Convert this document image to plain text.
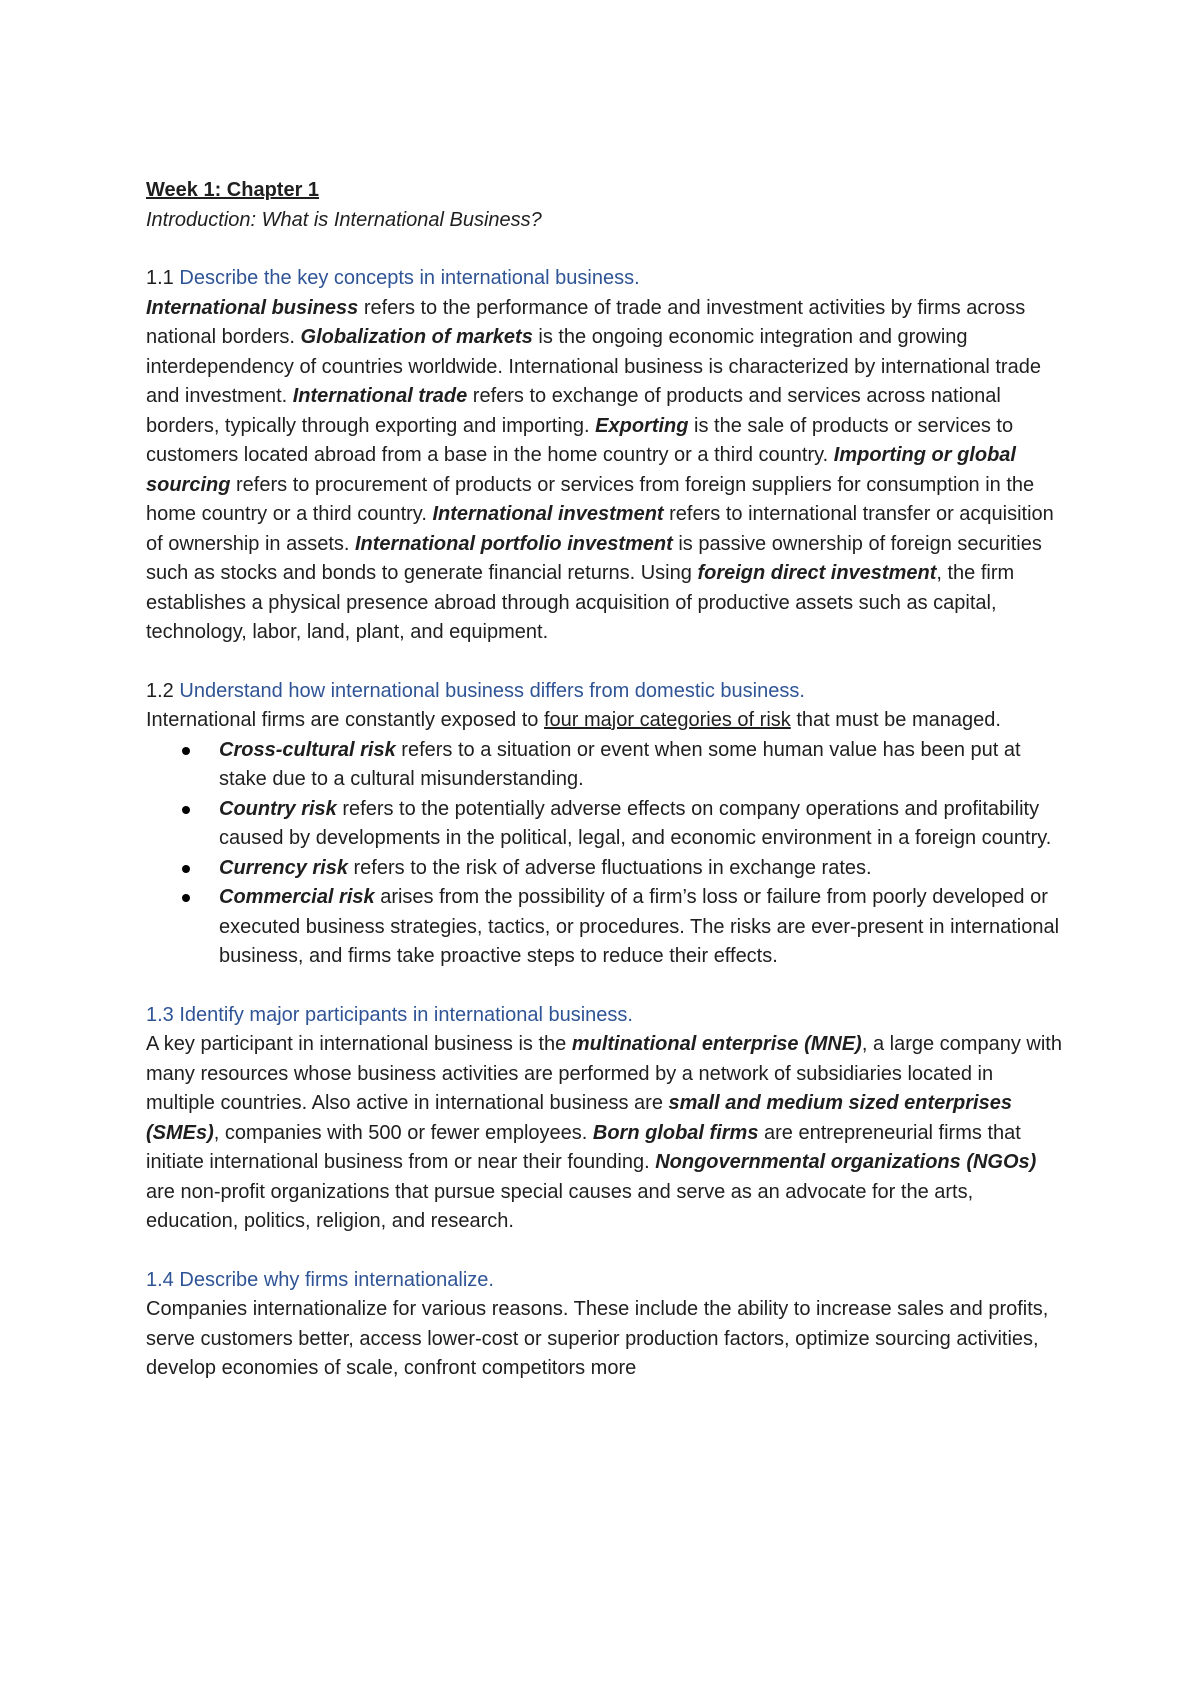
Week 1: Chapter 1

Introduction: What is International Business?

1.1 Describe the key concepts in international business.

International business refers to the performance of trade and investment activities by firms across national borders. Globalization of markets is the ongoing economic integration and growing interdependency of countries worldwide. International business is characterized by international trade and investment. International trade refers to exchange of products and services across national borders, typically through exporting and importing. Exporting is the sale of products or services to customers located abroad from a base in the home country or a third country. Importing or global sourcing refers to procurement of products or services from foreign suppliers for consumption in the home country or a third country. International investment refers to international transfer or acquisition of ownership in assets. International portfolio investment is passive ownership of foreign securities such as stocks and bonds to generate financial returns. Using foreign direct investment, the firm establishes a physical presence abroad through acquisition of productive assets such as capital, technology, labor, land, plant, and equipment.

1.2 Understand how international business differs from domestic business.

International firms are constantly exposed to four major categories of risk that must be managed.

Cross-cultural risk refers to a situation or event when some human value has been put at stake due to a cultural misunderstanding.
Country risk refers to the potentially adverse effects on company operations and profitability caused by developments in the political, legal, and economic environment in a foreign country.
Currency risk refers to the risk of adverse fluctuations in exchange rates.
Commercial risk arises from the possibility of a firm’s loss or failure from poorly developed or executed business strategies, tactics, or procedures. The risks are ever-present in international business, and firms take proactive steps to reduce their effects.

1.3 Identify major participants in international business.

A key participant in international business is the multinational enterprise (MNE), a large company with many resources whose business activities are performed by a network of subsidiaries located in multiple countries. Also active in international business are small and medium sized enterprises (SMEs), companies with 500 or fewer employees. Born global firms are entrepreneurial firms that initiate international business from or near their founding. Nongovernmental organizations (NGOs) are non-profit organizations that pursue special causes and serve as an advocate for the arts, education, politics, religion, and research.

1.4 Describe why firms internationalize.

Companies internationalize for various reasons. These include the ability to increase sales and profits, serve customers better, access lower-cost or superior production factors, optimize sourcing activities, develop economies of scale, confront competitors more
